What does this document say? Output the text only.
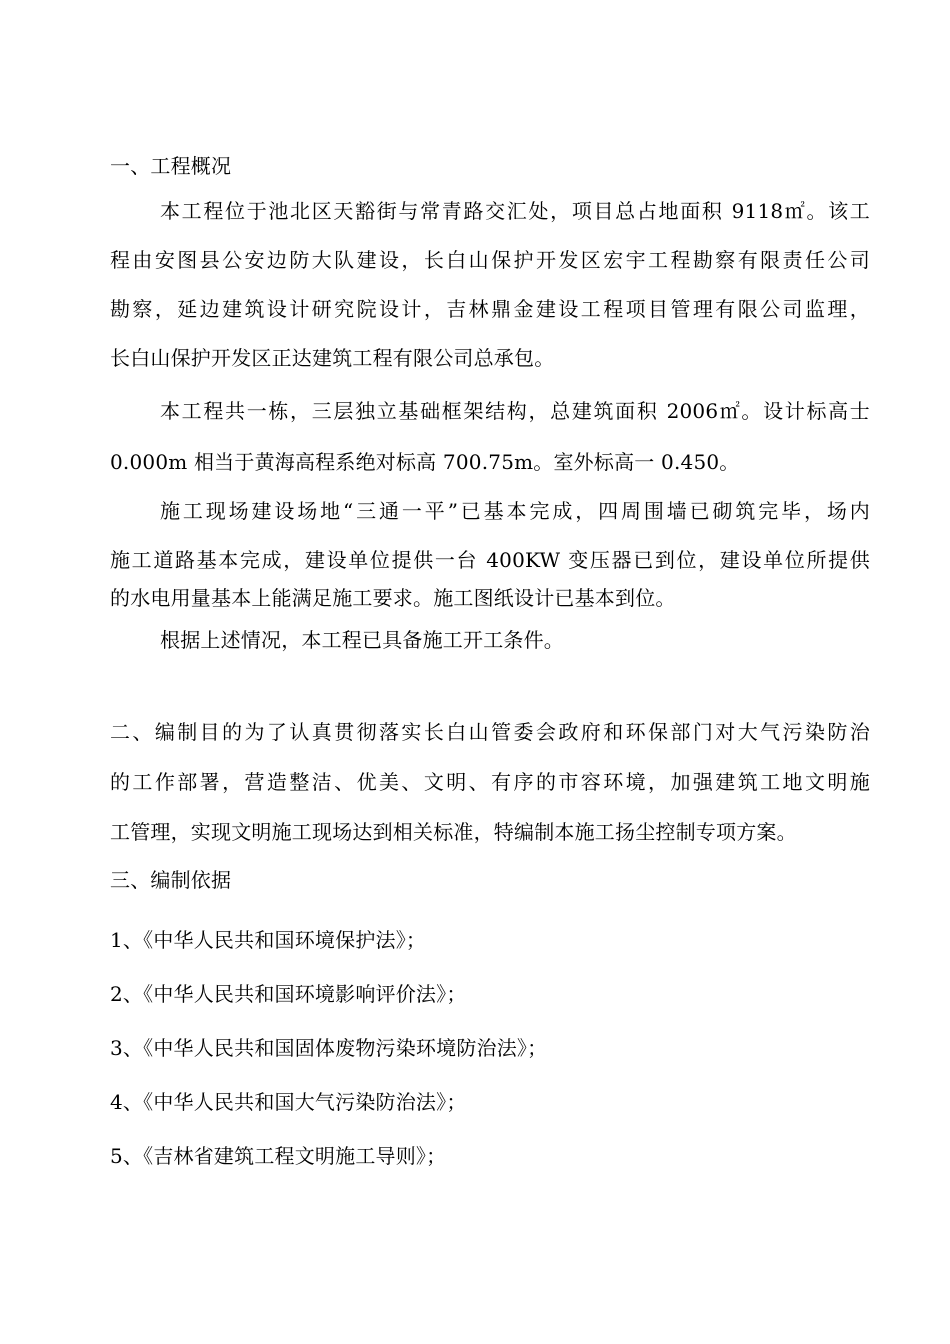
一、工程概况
本工程位于池北区天豁街与常青路交汇处，项目总占地面积 9118㎡。该工
程由安图县公安边防大队建设，长白山保护开发区宏宇工程勘察有限责任公司
勘察，延边建筑设计研究院设计，吉林鼎金建设工程项目管理有限公司监理，
长白山保护开发区正达建筑工程有限公司总承包。
本工程共一栋，三层独立基础框架结构，总建筑面积 2006㎡。设计标高士
0.000m 相当于黄海高程系绝对标高 700.75m。室外标高一 0.450。
施工现场建设场地“三通一平”已基本完成，四周围墙已砌筑完毕，场内
施工道路基本完成，建设单位提供一台 400KW 变压器已到位，建设单位所提供
的水电用量基本上能满足施工要求。施工图纸设计已基本到位。
根据上述情况，本工程已具备施工开工条件。
二、编制目的为了认真贯彻落实长白山管委会政府和环保部门对大气污染防治
的工作部署，营造整洁、优美、文明、有序的市容环境，加强建筑工地文明施
工管理，实现文明施工现场达到相关标准，特编制本施工扬尘控制专项方案。
三、编制依据
1、《中华人民共和国环境保护法》；
2、《中华人民共和国环境影响评价法》；
3、《中华人民共和国固体废物污染环境防治法》；
4、《中华人民共和国大气污染防治法》；
5、《吉林省建筑工程文明施工导则》；
